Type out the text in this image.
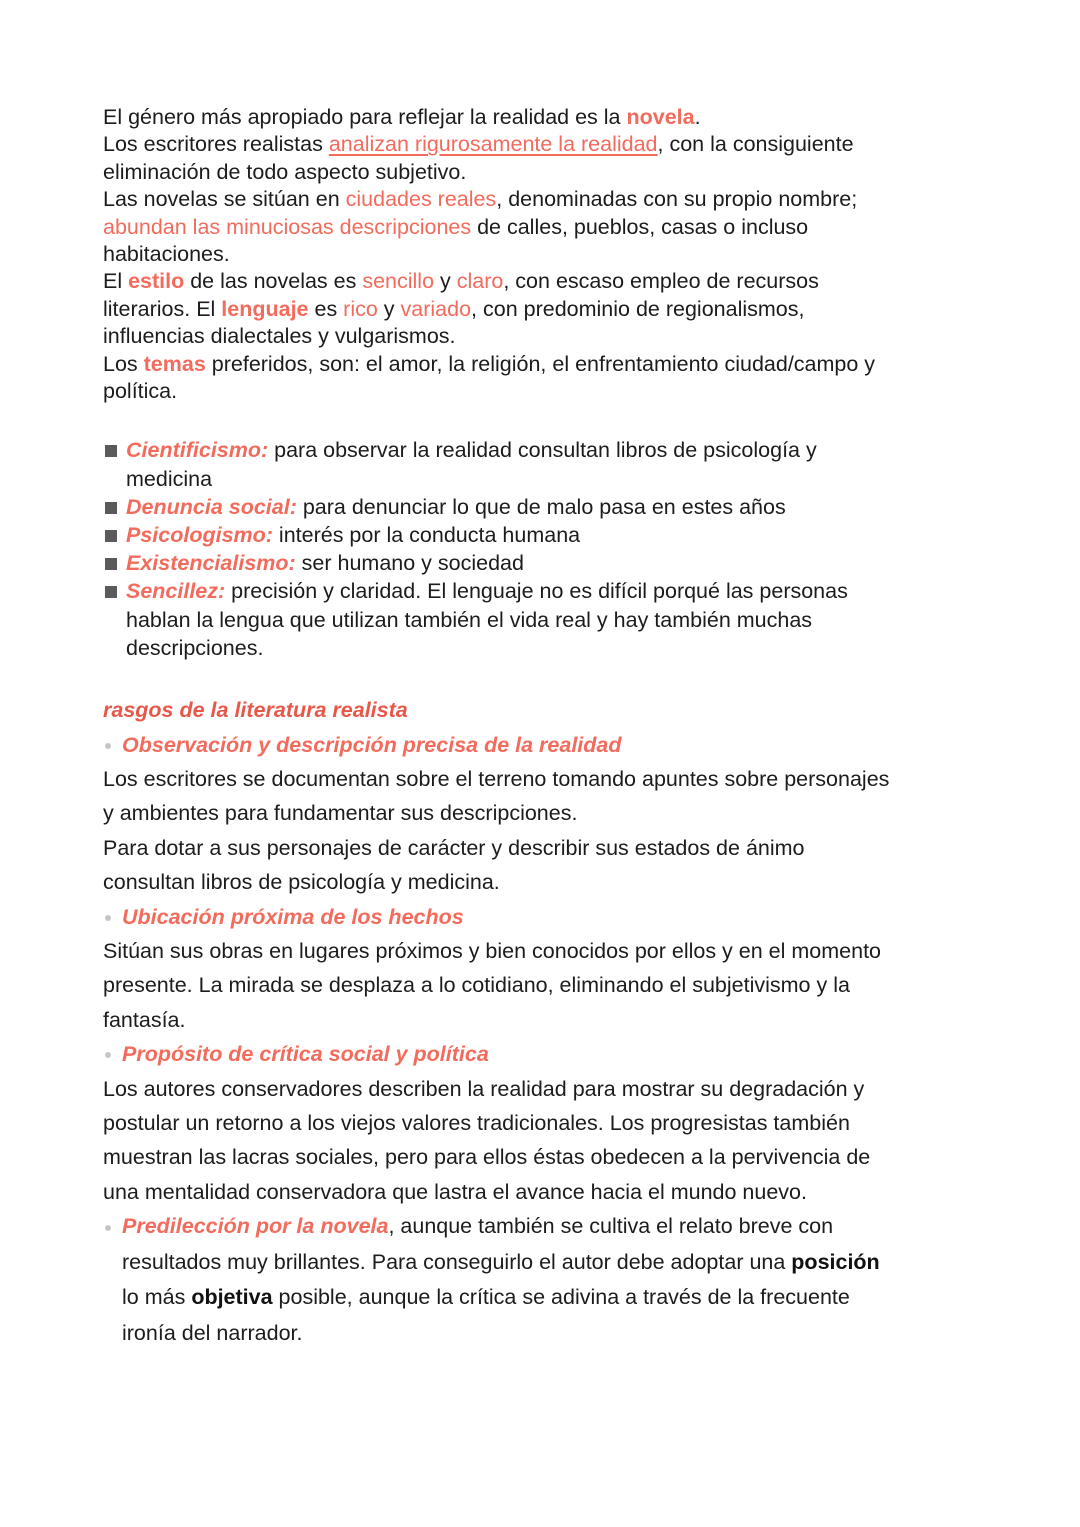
El género más apropiado para reflejar la realidad es la novela.
Los escritores realistas analizan rigurosamente la realidad, con la consiguiente
eliminación de todo aspecto subjetivo.
Las novelas se sitúan en ciudades reales, denominadas con su propio nombre;
abundan las minuciosas descripciones de calles, pueblos, casas o incluso
habitaciones.
El estilo de las novelas es sencillo y claro, con escaso empleo de recursos
literarios. El lenguaje es rico y variado, con predominio de regionalismos,
influencias dialectales y vulgarismos.
Los temas preferidos, son: el amor, la religión, el enfrentamiento ciudad/campo y
política.
Cientificismo: para observar la realidad consultan libros de psicología y
medicina
Denuncia social: para denunciar lo que de malo pasa en estes años
Psicologismo: interés por la conducta humana
Existencialismo: ser humano y sociedad
Sencillez: precisión y claridad. El lenguaje no es difícil porqué las personas
hablan la lengua que utilizan también el vida real y hay también muchas
descripciones.
rasgos de la literatura realista
Observación y descripción precisa de la realidad
Los escritores se documentan sobre el terreno tomando apuntes sobre personajes
y ambientes para fundamentar sus descripciones.
Para dotar a sus personajes de carácter y describir sus estados de ánimo
consultan libros de psicología y medicina.
Ubicación próxima de los hechos
Sitúan sus obras en lugares próximos y bien conocidos por ellos y en el momento
presente. La mirada se desplaza a lo cotidiano, eliminando el subjetivismo y la
fantasía.
Propósito de crítica social y política
Los autores conservadores describen la realidad para mostrar su degradación y
postular un retorno a los viejos valores tradicionales. Los progresistas también
muestran las lacras sociales, pero para ellos éstas obedecen a la pervivencia de
una mentalidad conservadora que lastra el avance hacia el mundo nuevo.
Predilección por la novela, aunque también se cultiva el relato breve con
resultados muy brillantes. Para conseguirlo el autor debe adoptar una posición
lo más objetiva posible, aunque la crítica se adivina a través de la frecuente
ironía del narrador.
